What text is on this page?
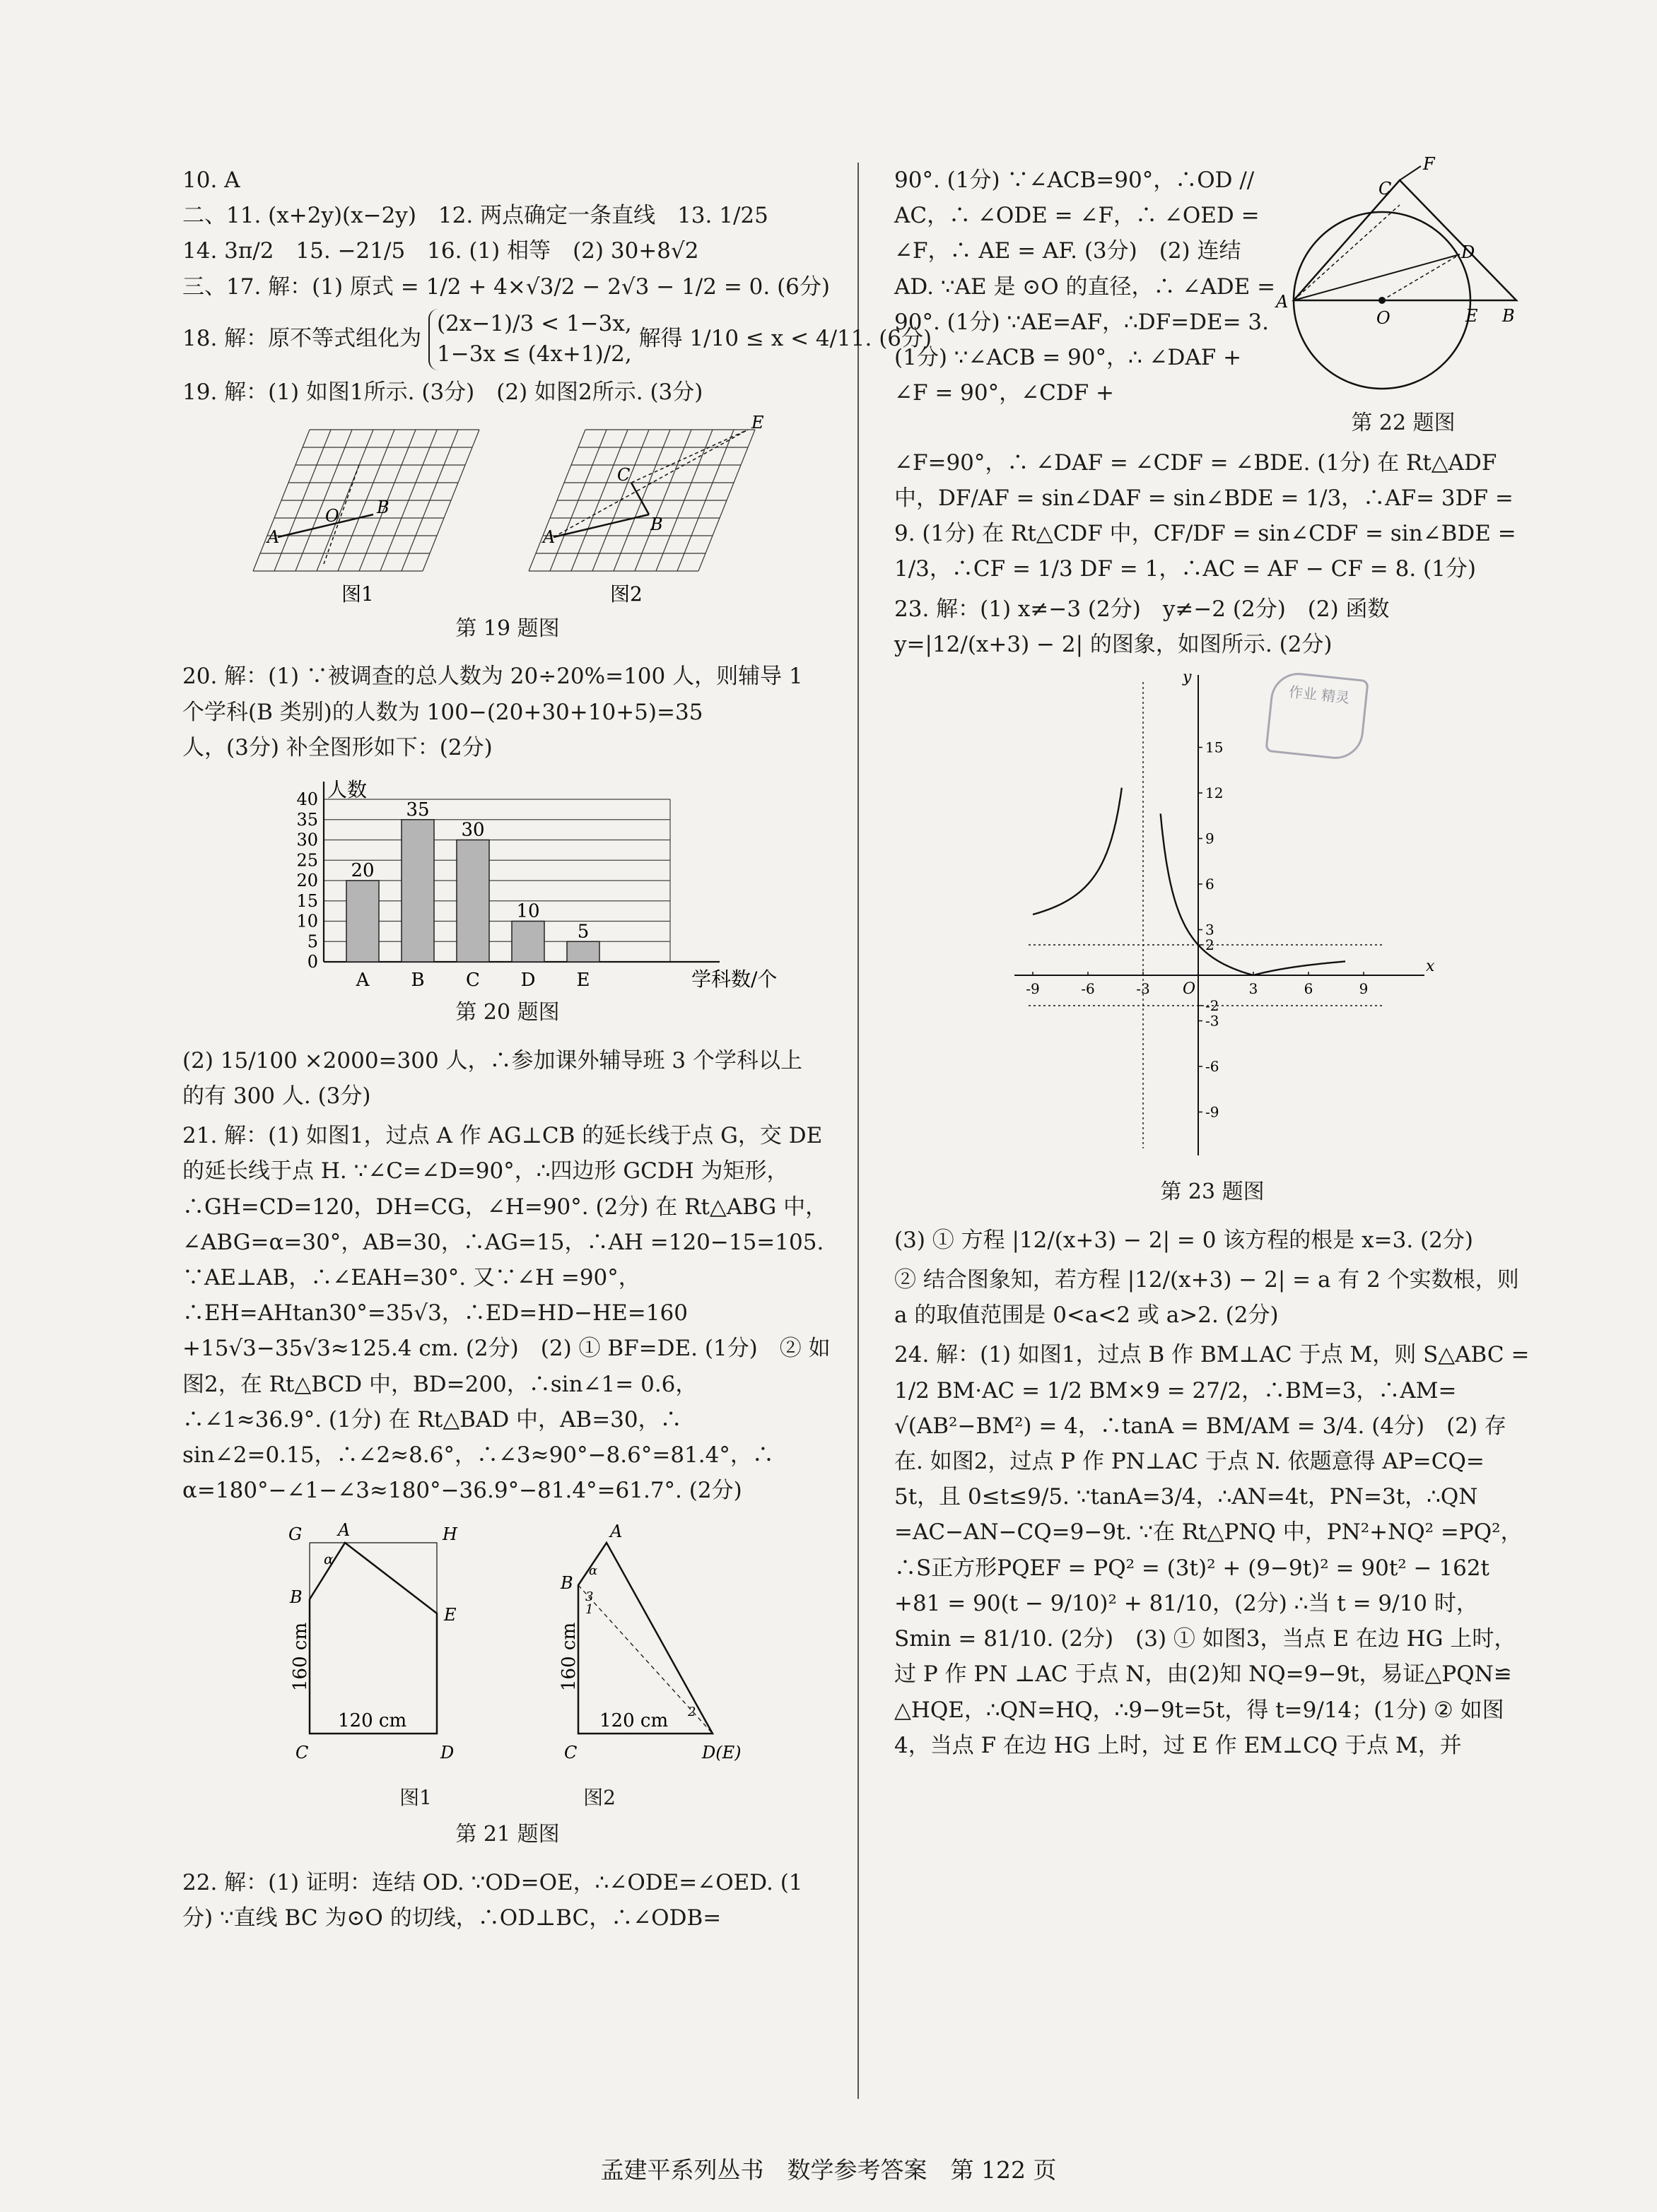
10. A
二、11. (x+2y)(x−2y)　12. 两点确定一条直线　13. 1/25
14. 3π/2　15. −21/5　16. (1) 相等　(2) 30+8√2
三、17. 解：(1) 原式 = 1/2 + 4×√3/2 − 2√3 − 1/2 = 0. (6分)
18. 解：原不等式组化为
(2x−1)/3 < 1−3x,
1−3x ≤ (4x+1)/2,
解得 1/10 ≤ x < 4/11. (6分)
19. 解：(1) 如图1所示. (3分)　(2) 如图2所示. (3分)
A
B
O
A
B
C
E
图1	图2
第 19 题图
20. 解：(1) ∵被调查的总人数为 20÷20%=100 人，则辅导 1
个学科(B 类别)的人数为 100−(20+30+10+5)=35
人，(3分) 补全图形如下：(2分)
0
5
10
15
20
25
30
35
40 人数
学科数/个
20
A
35
B
30
C
10
D
5
E
第 20 题图
(2) 15/100 ×2000=300 人，∴参加课外辅导班 3 个学科以上
的有 300 人. (3分)
21. 解：(1) 如图1，过点 A 作 AG⊥CB 的延长线于点 G，交 DE 的延长线于点 H. ∵∠C=∠D=90°，∴四边形 GCDH 为矩形，∴GH=CD=120，DH=CG，∠H=90°. (2分) 在 Rt△ABG 中，∠ABG=α=30°，AB=30，∴AG=15，∴AH =120−15=105. ∵AE⊥AB，∴∠EAH=30°. 又∵∠H =90°，∴EH=AHtan30°=35√3，∴ED=HD−HE=160 +15√3−35√3≈125.4 cm. (2分)　(2) ① BF=DE. (1分)　② 如图2，在 Rt△BCD 中，BD=200，∴sin∠1= 0.6，∴∠1≈36.9°. (1分) 在 Rt△BAD 中，AB=30，∴ sin∠2=0.15，∴∠2≈8.6°，∴∠3≈90°−8.6°=81.4°，∴ α=180°−∠1−∠3≈180°−36.9°−81.4°=61.7°. (2分)
G A	H
B
E
C	D
α
160 cm
120 cm
B
A
C	D(E)
α
3
1
2
160 cm
120 cm
图1	图2
第 21 题图
22. 解：(1) 证明：连结 OD. ∵OD=OE，∴∠ODE=∠OED. (1分) ∵直线 BC 为⊙O 的切线，∴OD⊥BC，∴∠ODB=
90°. (1分) ∵∠ACB=90°，∴OD // AC，∴ ∠ODE = ∠F，∴ ∠OED = ∠F，∴ AE = AF. (3分)　(2) 连结 AD. ∵AE 是 ⊙O 的直径，∴ ∠ADE = 90°. (1分) ∵AE=AF，∴DF=DE= 3. (1分) ∵∠ACB = 90°，∴ ∠DAF + ∠F = 90°，∠CDF +
A
O	E B
C
F
D
第 22 题图
∠F=90°，∴ ∠DAF = ∠CDF = ∠BDE. (1分) 在 Rt△ADF 中，DF/AF = sin∠DAF = sin∠BDE = 1/3，∴AF= 3DF = 9. (1分) 在 Rt△CDF 中，CF/DF = sin∠CDF = sin∠BDE = 1/3，∴CF = 1/3 DF = 1，∴AC = AF − CF = 8. (1分)
23. 解：(1) x≠−3 (2分)　y≠−2 (2分)　(2) 函数 y=|12/(x+3) − 2| 的图象，如图所示. (2分)
x
y
O
-9	-6	-3	3	6	9
-9
-6
-3
-2
2
3
6
9
12
15
作业 精灵
第 23 题图
(3) ① 方程 |12/(x+3) − 2| = 0 该方程的根是 x=3. (2分)
② 结合图象知，若方程 |12/(x+3) − 2| = a 有 2 个实数根，则 a 的取值范围是 0<a<2 或 a>2. (2分)
24. 解：(1) 如图1，过点 B 作 BM⊥AC 于点 M，则 S△ABC = 1/2 BM·AC = 1/2 BM×9 = 27/2，∴BM=3，∴AM= √(AB²−BM²) = 4，∴tanA = BM/AM = 3/4. (4分)　(2) 存在. 如图2，过点 P 作 PN⊥AC 于点 N. 依题意得 AP=CQ= 5t，且 0≤t≤9/5. ∵tanA=3/4，∴AN=4t，PN=3t，∴QN =AC−AN−CQ=9−9t. ∵在 Rt△PNQ 中，PN²+NQ² =PQ²，∴S正方形PQEF = PQ² = (3t)² + (9−9t)² = 90t² − 162t +81 = 90(t − 9/10)² + 81/10，(2分) ∴当 t = 9/10 时，Smin = 81/10. (2分)　(3) ① 如图3，当点 E 在边 HG 上时，过 P 作 PN ⊥AC 于点 N，由(2)知 NQ=9−9t，易证△PQN≌ △HQE，∴QN=HQ，∴9−9t=5t，得 t=9/14；(1分) ② 如图4，当点 F 在边 HG 上时，过 E 作 EM⊥CQ 于点 M，并
孟建平系列丛书　数学参考答案　第 122 页
